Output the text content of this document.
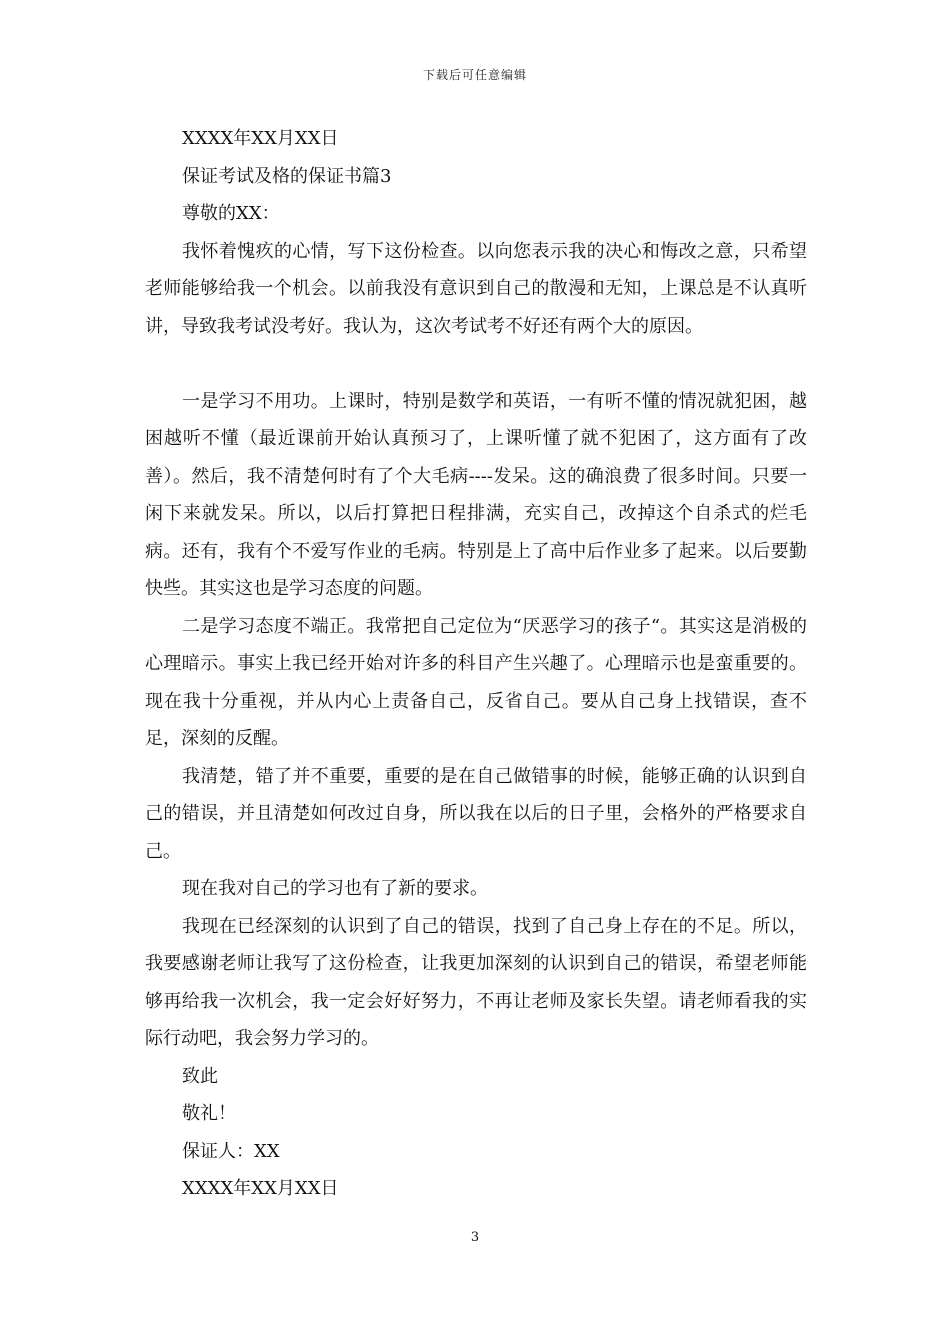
下载后可任意编辑
XXXX年XX月XX日
保证考试及格的保证书篇3
尊敬的XX：

我怀着愧疚的心情，写下这份检查。以向您表示我的决心和悔改之意，只希望老师能够给我一个机会。以前我没有意识到自己的散漫和无知，上课总是不认真听讲，导致我考试没考好。我认为，这次考试考不好还有两个大的原因。

一是学习不用功。上课时，特别是数学和英语，一有听不懂的情况就犯困，越困越听不懂（最近课前开始认真预习了，上课听懂了就不犯困了，这方面有了改善）。然后，我不清楚何时有了个大毛病----发呆。这的确浪费了很多时间。只要一闲下来就发呆。所以，以后打算把日程排满，充实自己，改掉这个自杀式的烂毛病。还有，我有个不爱写作业的毛病。特别是上了高中后作业多了起来。以后要勤快些。其实这也是学习态度的问题。

二是学习态度不端正。我常把自己定位为“厌恶学习的孩子“。其实这是消极的心理暗示。事实上我已经开始对许多的科目产生兴趣了。心理暗示也是蛮重要的。现在我十分重视，并从内心上责备自己，反省自己。要从自己身上找错误，查不足，深刻的反醒。

我清楚，错了并不重要，重要的是在自己做错事的时候，能够正确的认识到自己的错误，并且清楚如何改过自身，所以我在以后的日子里，会格外的严格要求自己。

现在我对自己的学习也有了新的要求。

我现在已经深刻的认识到了自己的错误，找到了自己身上存在的不足。所以，我要感谢老师让我写了这份检查，让我更加深刻的认识到自己的错误，希望老师能够再给我一次机会，我一定会好好努力，不再让老师及家长失望。请老师看我的实际行动吧，我会努力学习的。

致此
敬礼！
保证人：XX
XXXX年XX月XX日
3
